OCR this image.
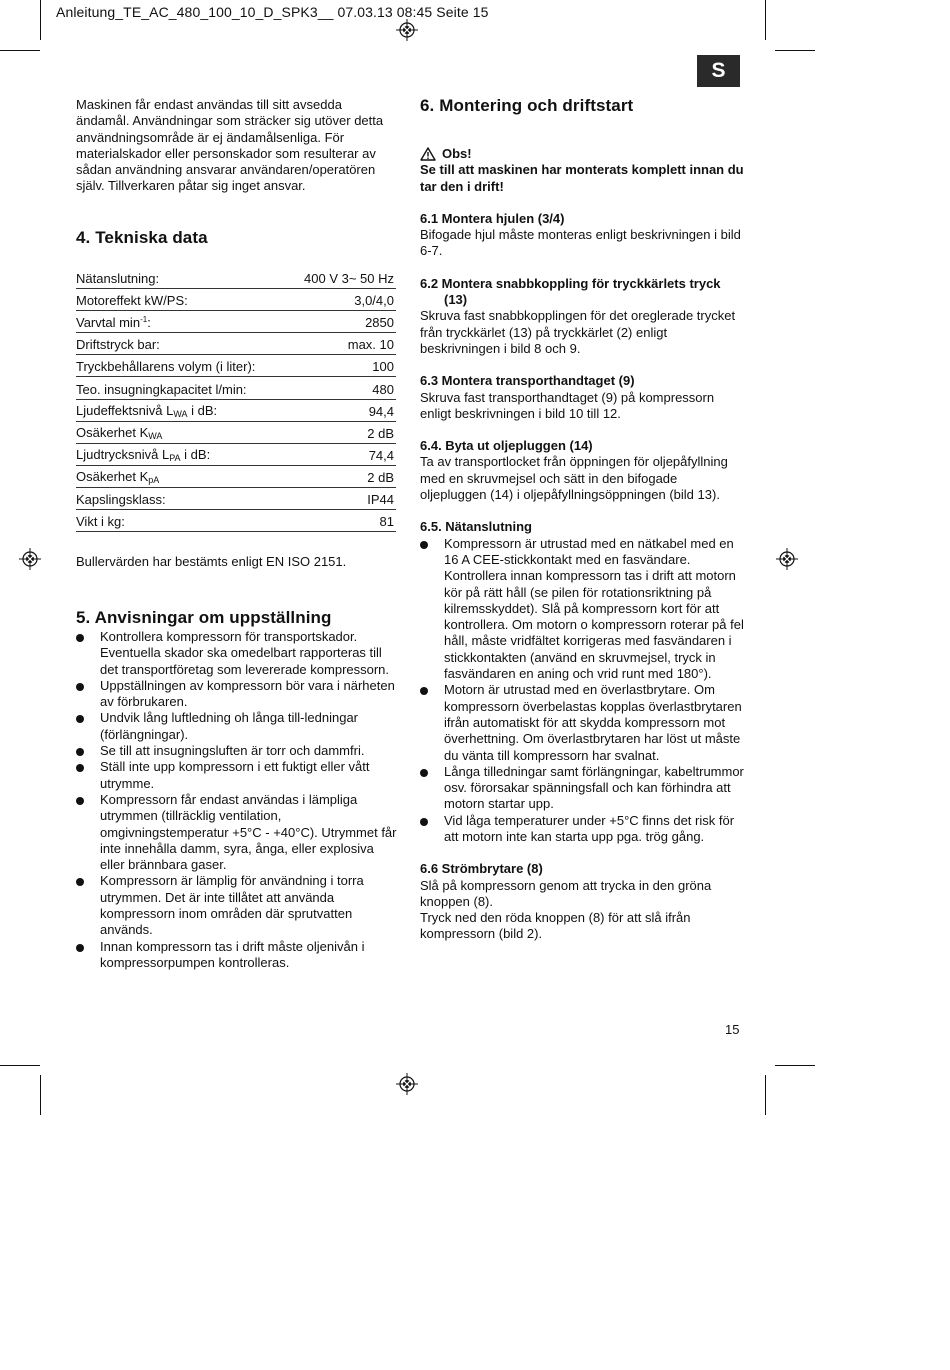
Anleitung_TE_AC_480_100_10_D_SPK3__ 07.03.13 08:45 Seite 15
S

Maskinen får endast användas till sitt avsedda ändamål. Användningar som sträcker sig utöver detta användningsområde är ej ändamålsenliga. För materialskador eller personskador som resulterar av sådan användning ansvarar användaren/operatören själv. Tillverkaren påtar sig inget ansvar.

4. Tekniska data
Nätanslutning:	400 V 3~ 50 Hz
Motoreffekt kW/PS:	3,0/4,0
Varvtal $\min^{-1}$:	2850
Driftstryck bar:	max. 10
Tryckbehållarens volym (i liter):	100
Teo. insugningkapacitet l/min:	480
Ljudeffektsnivå $L_{WA}$ i dB:	94,4
Osäkerhet $K_{WA}$	2 dB
Ljudtrycksnivå $L_{PA}$ i dB:	74,4
Osäkerhet $K_{pA}$	2 dB
Kapslingsklass:	IP44
Vikt i kg:	81

Bullervärden har bestämts enligt EN ISO 2151.

5. Anvisningar om uppställning
Kontrollera kompressorn för transportskador. Eventuella skador ska omedelbart rapporteras till det transportföretag som levererade kompressorn.
Uppställningen av kompressorn bör vara i närheten av förbrukaren.
Undvik lång luftledning oh långa till-ledningar (förlängningar).
Se till att insugningsluften är torr och dammfri.
Ställ inte upp kompressorn i ett fuktigt eller vått utrymme.
Kompressorn får endast användas i lämpliga utrymmen (tillräcklig ventilation, omgivningstemperatur +5°C - +40°C). Utrymmet får inte innehålla damm, syra, ånga, eller explosiva eller brännbara gaser.
Kompressorn är lämplig för användning i torra utrymmen. Det är inte tillåtet att använda kompressorn inom områden där sprutvatten används.
Innan kompressorn tas i drift måste oljenivån i kompressorpumpen kontrolleras.
6. Montering och driftstart
Obs!
Se till att maskinen har monterats komplett innan du tar den i drift!
6.1 Montera hjulen (3/4)
Bifogade hjul måste monteras enligt beskrivningen i bild 6-7.
6.2 Montera snabbkoppling för tryckkärlets tryck
(13)
Skruva fast snabbkopplingen för det oreglerade trycket från tryckkärlet (13) på tryckkärlet (2) enligt beskrivningen i bild 8 och 9.
6.3 Montera transporthandtaget (9)
Skruva fast transporthandtaget (9) på kompressorn enligt beskrivningen i bild 10 till 12.
6.4. Byta ut oljepluggen (14)
Ta av transportlocket från öppningen för oljepåfyllning med en skruvmejsel och sätt in den bifogade oljepluggen (14) i oljepåfyllningsöppningen (bild 13).
6.5. Nätanslutning
Kompressorn är utrustad med en nätkabel med en 16 A CEE-stickkontakt med en fasvändare. Kontrollera innan kompressorn tas i drift att motorn kör på rätt håll (se pilen för rotationsriktning på kilremsskyddet). Slå på kompressorn kort för att kontrollera. Om motorn o kompressorn roterar på fel håll, måste vridfältet korrigeras med fasvändaren i stickkontakten (använd en skruvmejsel, tryck in fasvändaren en aning och vrid runt med 180°).
Motorn är utrustad med en överlastbrytare. Om kompressorn överbelastas kopplas överlastbrytaren ifrån automatiskt för att skydda kompressorn mot överhettning. Om överlastbrytaren har löst ut måste du vänta till kompressorn har svalnat.
Långa tilledningar samt förlängningar, kabeltrummor osv. förorsakar spänningsfall och kan förhindra att motorn startar upp.
Vid låga temperaturer under +5°C finns det risk för att motorn inte kan starta upp pga. trög gång.
6.6 Strömbrytare (8)
Slå på kompressorn genom att trycka in den gröna knoppen (8).
Tryck ned den röda knoppen (8) för att slå ifrån kompressorn (bild 2).
15
